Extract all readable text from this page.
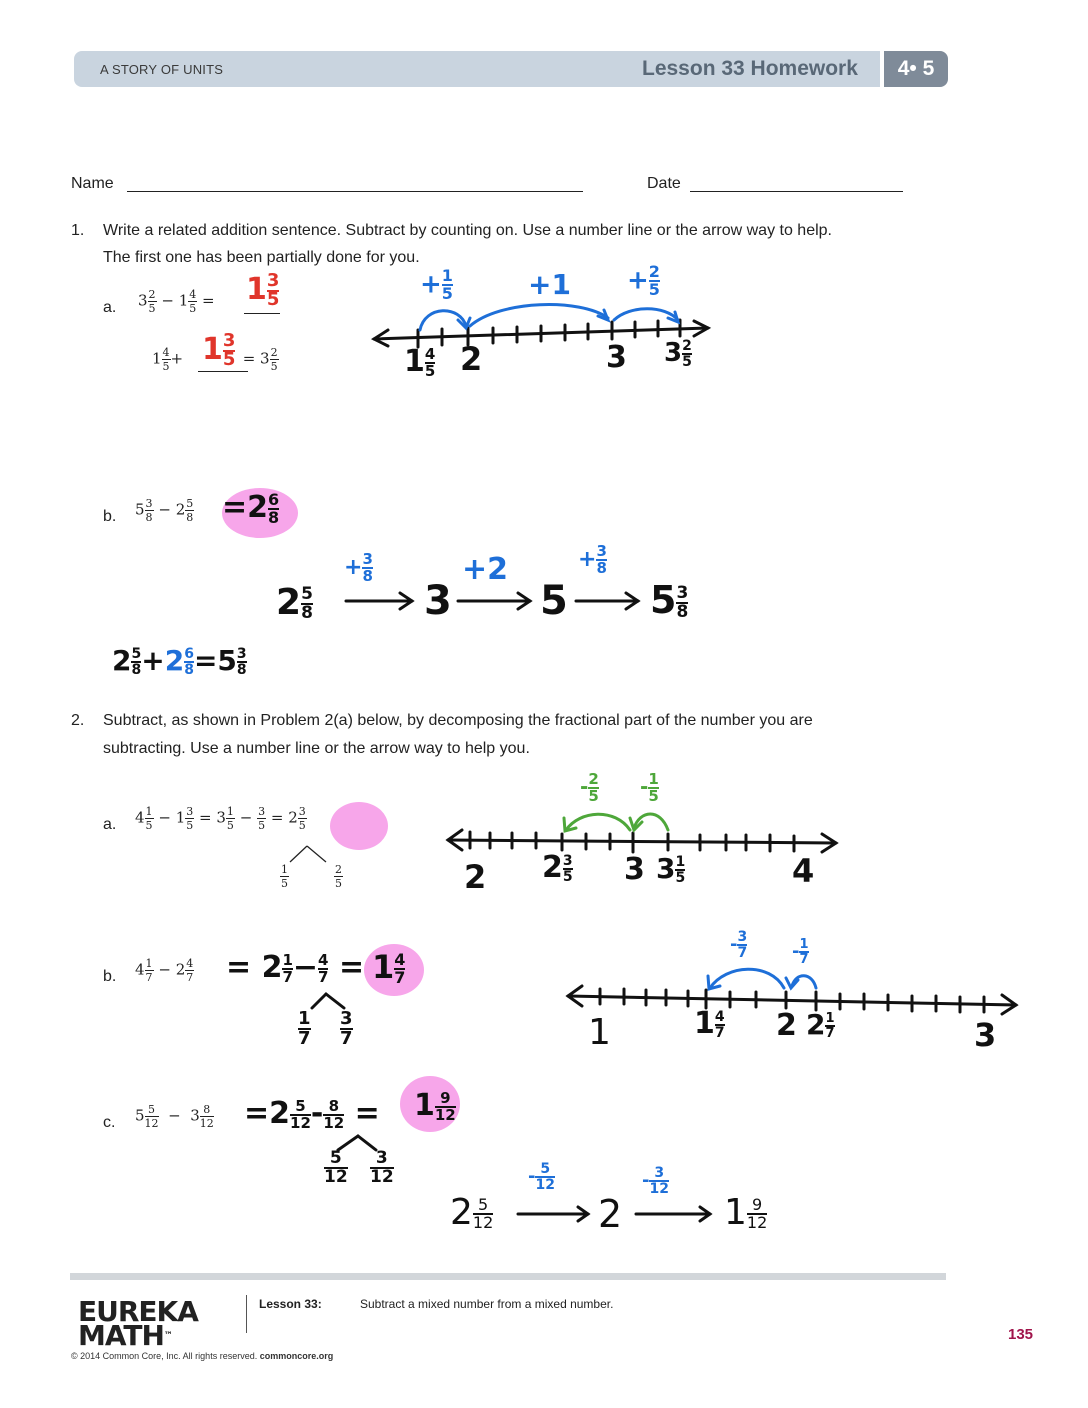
A STORY OF UNITS	Lesson 33 Homework	4• 5
Name	Date
1. Write a related addition sentence. Subtract by counting on. Use a number line or the arrow way to help.
The first one has been partially done for you.
a. $3 \frac{2}{5} - 1 \frac{4}{5} = 1 \frac{3}{5}$
$1 \frac{4}{5}$ +	= $3 \frac{2}{5}$
$1 \frac{3}{5}$
+ $\frac{1}{5}$	$+1 + \frac{2}{5}$
$1 \frac{4}{5} 2$	3 $3 \frac{2}{5}$
b. $5 \frac{3}{8} - 2 \frac{5}{8} =2 \frac{6}{8}$
$2 \frac{5}{8}$	3 5 $5 \frac{3}{8}$
+ $\frac{3}{8}$	+2	+ $\frac{3}{8}$
$2 \frac{5}{8} +2 \frac{6}{8} =5 \frac{3}{8}$
2. Subtract, as shown in Problem 2(a) below, by decomposing the fractional part of the number you are
subtracting. Use a number line or the arrow way to help you.
a. $4 \frac{1}{5} - 1 \frac{3}{5} = 3 \frac{1}{5} - \frac{3}{5} = 2 \frac{3}{5}$
$\frac{1}{5}$	$\frac{2}{5}$
- $\frac{2}{5} - \frac{1}{5}$
2 $2 \frac{3}{5} 3$ $3 \frac{1}{5}$	4
b. $4 \frac{1}{7} - 2 \frac{4}{7} = 2 \frac{1}{7} - \frac{4}{7} = 1 \frac{4}{7}$
$\frac{1}{7} \frac{3}{7}$
- $\frac{3}{7} - \frac{1}{7}$
1	$1 \frac{4}{7} 2$ $2 \frac{1}{7}$	3
c. $5 \frac{5}{12} - 3 \frac{8}{12} =2 \frac{5}{12} - \frac{8}{12} = 1 \frac{9}{12}$
$\frac{5}{12} \frac{3}{12}$
$2 \frac{5}{12}$	2	$1 \frac{9}{12}$
- $\frac{5}{12}$	- $\frac{3}{12}$
EUREKA
MATH™
Lesson 33:	Subtract a mixed number from a mixed number.
135
© 2014 Common Core, Inc. All rights reserved. commoncore.org
